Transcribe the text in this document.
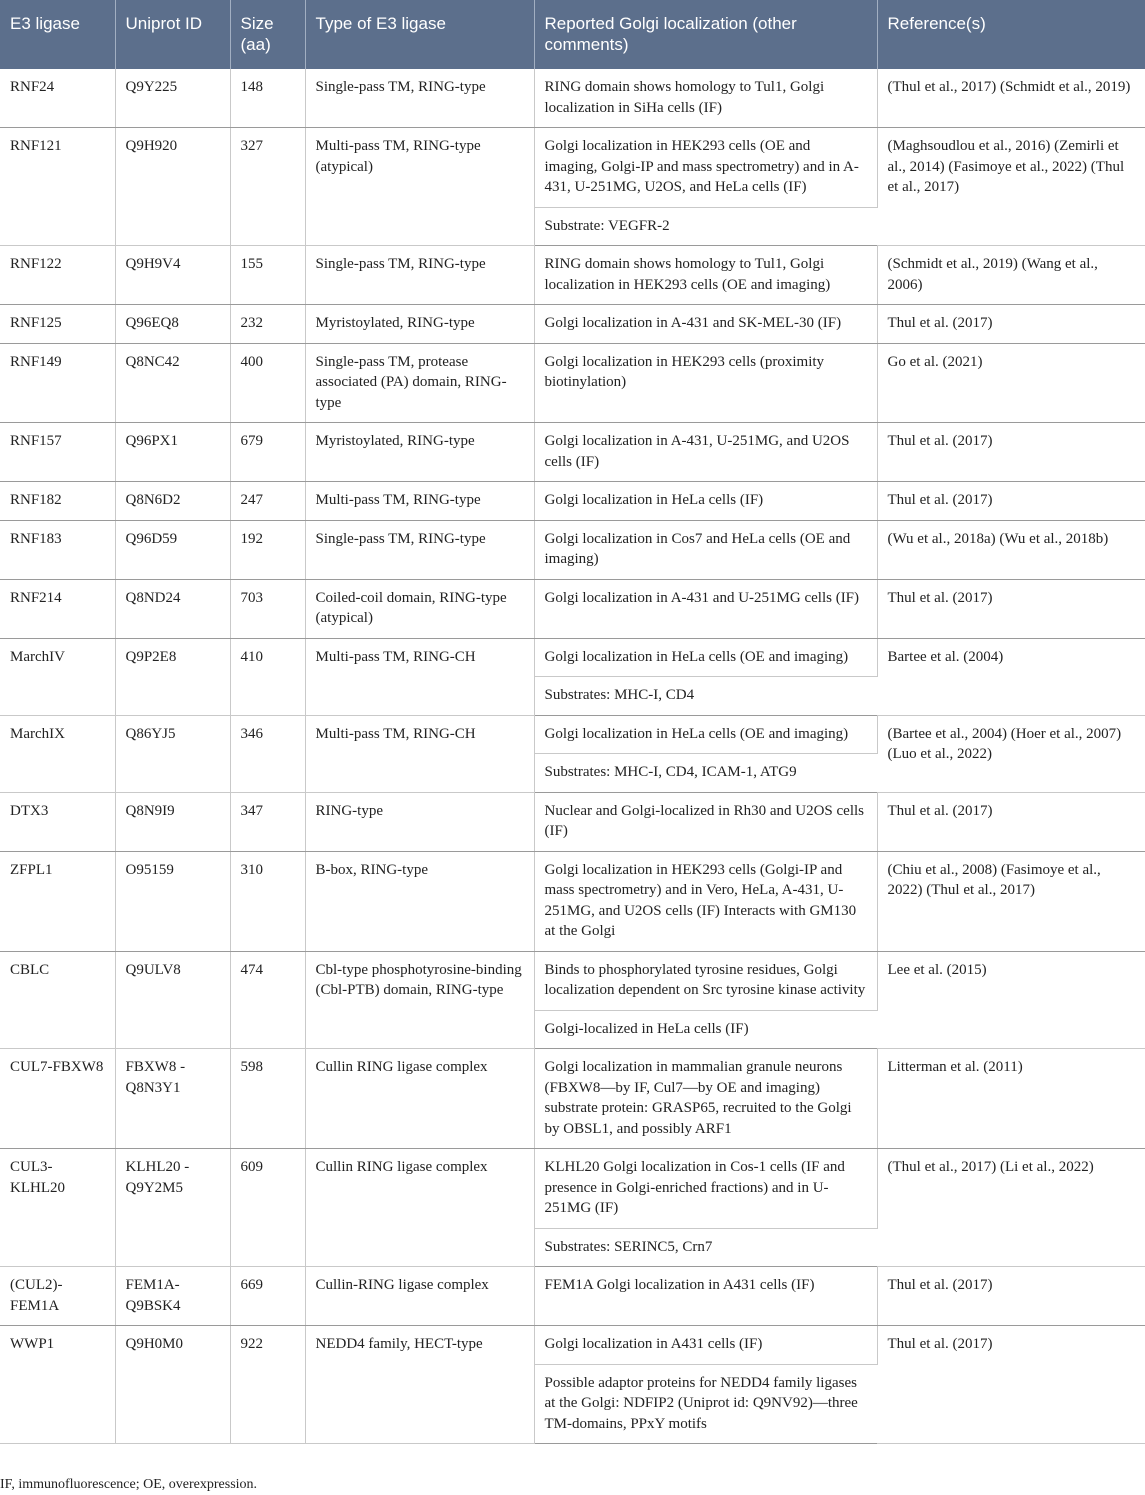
E3 ligase	Uniprot ID	Size (aa)	Type of E3 ligase	Reported Golgi localization (other comments)	Reference(s)
RNF24	Q9Y225	148	Single-pass TM, RING-type	RING domain shows homology to Tul1, Golgi localization in SiHa cells (IF)	(Thul et al., 2017) (Schmidt et al., 2019)
RNF121	Q9H920	327	Multi-pass TM, RING-type (atypical)	Golgi localization in HEK293 cells (OE and imaging, Golgi-IP and mass spectrometry) and in A-431, U-251MG, U2OS, and HeLa cells (IF)	(Maghsoudlou et al., 2016) (Zemirli et al., 2014) (Fasimoye et al., 2022) (Thul et al., 2017)
				Substrate: VEGFR-2	
RNF122	Q9H9V4	155	Single-pass TM, RING-type	RING domain shows homology to Tul1, Golgi localization in HEK293 cells (OE and imaging)	(Schmidt et al., 2019) (Wang et al., 2006)
RNF125	Q96EQ8	232	Myristoylated, RING-type	Golgi localization in A-431 and SK-MEL-30 (IF)	Thul et al. (2017)
RNF149	Q8NC42	400	Single-pass TM, protease associated (PA) domain, RING-type	Golgi localization in HEK293 cells (proximity biotinylation)	Go et al. (2021)
RNF157	Q96PX1	679	Myristoylated, RING-type	Golgi localization in A-431, U-251MG, and U2OS cells (IF)	Thul et al. (2017)
RNF182	Q8N6D2	247	Multi-pass TM, RING-type	Golgi localization in HeLa cells (IF)	Thul et al. (2017)
RNF183	Q96D59	192	Single-pass TM, RING-type	Golgi localization in Cos7 and HeLa cells (OE and imaging)	(Wu et al., 2018a) (Wu et al., 2018b)
RNF214	Q8ND24	703	Coiled-coil domain, RING-type (atypical)	Golgi localization in A-431 and U-251MG cells (IF)	Thul et al. (2017)
MarchIV	Q9P2E8	410	Multi-pass TM, RING-CH	Golgi localization in HeLa cells (OE and imaging)	Bartee et al. (2004)
				Substrates: MHC-I, CD4	
MarchIX	Q86YJ5	346	Multi-pass TM, RING-CH	Golgi localization in HeLa cells (OE and imaging)	(Bartee et al., 2004) (Hoer et al., 2007) (Luo et al., 2022)
				Substrates: MHC-I, CD4, ICAM-1, ATG9	
DTX3	Q8N9I9	347	RING-type	Nuclear and Golgi-localized in Rh30 and U2OS cells (IF)	Thul et al. (2017)
ZFPL1	O95159	310	B-box, RING-type	Golgi localization in HEK293 cells (Golgi-IP and mass spectrometry) and in Vero, HeLa, A-431, U-251MG, and U2OS cells (IF) Interacts with GM130 at the Golgi	(Chiu et al., 2008) (Fasimoye et al., 2022) (Thul et al., 2017)
CBLC	Q9ULV8	474	Cbl-type phosphotyrosine-binding (Cbl-PTB) domain, RING-type	Binds to phosphorylated tyrosine residues, Golgi localization dependent on Src tyrosine kinase activity	Lee et al. (2015)
				Golgi-localized in HeLa cells (IF)	
CUL7-FBXW8	FBXW8 - Q8N3Y1	598	Cullin RING ligase complex	Golgi localization in mammalian granule neurons (FBXW8—by IF, Cul7—by OE and imaging) substrate protein: GRASP65, recruited to the Golgi by OBSL1, and possibly ARF1	Litterman et al. (2011)
CUL3-KLHL20	KLHL20 - Q9Y2M5	609	Cullin RING ligase complex	KLHL20 Golgi localization in Cos-1 cells (IF and presence in Golgi-enriched fractions) and in U-251MG (IF)	(Thul et al., 2017) (Li et al., 2022)
				Substrates: SERINC5, Crn7	
(CUL2)-FEM1A	FEM1A-Q9BSK4	669	Cullin-RING ligase complex	FEM1A Golgi localization in A431 cells (IF)	Thul et al. (2017)
WWP1	Q9H0M0	922	NEDD4 family, HECT-type	Golgi localization in A431 cells (IF)	Thul et al. (2017)
				Possible adaptor proteins for NEDD4 family ligases at the Golgi: NDFIP2 (Uniprot id: Q9NV92)—three TM-domains, PPxY motifs	
IF, immunofluorescence; OE, overexpression.
